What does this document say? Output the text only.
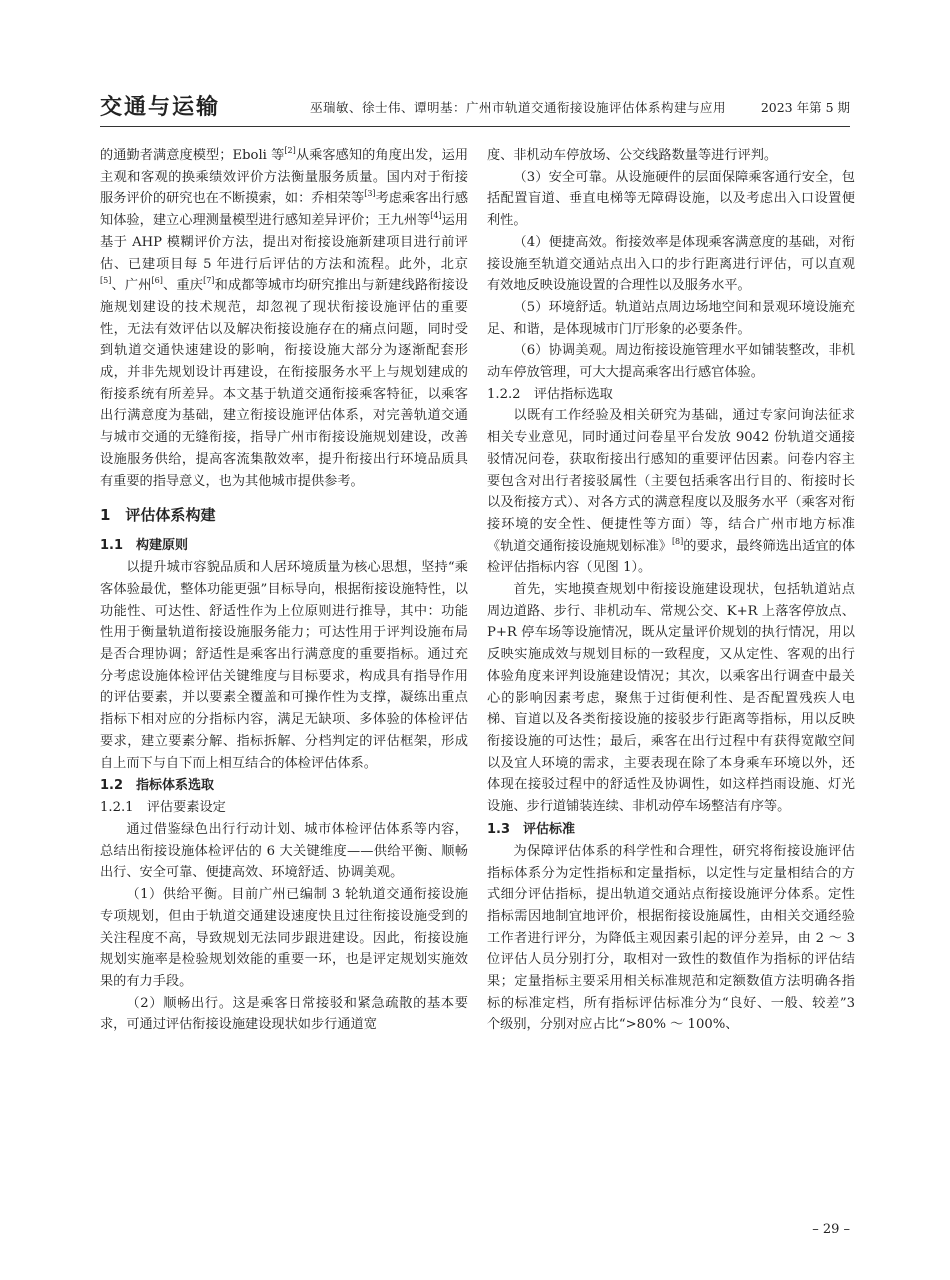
交通与运输	巫瑞敏、徐士伟、谭明基：广州市轨道交通衔接设施评估体系构建与应用	2023 年第 5 期

的通勤者满意度模型；Eboli 等[2]从乘客感知的角度出发，运用主观和客观的换乘绩效评价方法衡量服务质量。国内对于衔接服务评价的研究也在不断摸索，如：乔相荣等[3]考虑乘客出行感知体验，建立心理测量模型进行感知差异评价；王九州等[4]运用基于 AHP 模糊评价方法，提出对衔接设施新建项目进行前评估、已建项目每 5 年进行后评估的方法和流程。此外，北京[5]、广州[6]、重庆[7]和成都等城市均研究推出与新建线路衔接设施规划建设的技术规范，却忽视了现状衔接设施评估的重要性，无法有效评估以及解决衔接设施存在的痛点问题，同时受到轨道交通快速建设的影响，衔接设施大部分为逐渐配套形成，并非先规划设计再建设，在衔接服务水平上与规划建成的衔接系统有所差异。本文基于轨道交通衔接乘客特征，以乘客出行满意度为基础，建立衔接设施评估体系，对完善轨道交通与城市交通的无缝衔接，指导广州市衔接设施规划建设，改善设施服务供给，提高客流集散效率，提升衔接出行环境品质具有重要的指导意义，也为其他城市提供参考。

1　评估体系构建
1.1　构建原则

以提升城市容貌品质和人居环境质量为核心思想，坚持“乘客体验最优，整体功能更强”目标导向，根据衔接设施特性，以功能性、可达性、舒适性作为上位原则进行推导，其中：功能性用于衡量轨道衔接设施服务能力；可达性用于评判设施布局是否合理协调；舒适性是乘客出行满意度的重要指标。通过充分考虑设施体检评估关键维度与目标要求，构成具有指导作用的评估要素，并以要素全覆盖和可操作性为支撑，凝练出重点指标下相对应的分指标内容，满足无缺项、多体验的体检评估要求，建立要素分解、指标拆解、分档判定的评估框架，形成自上而下与自下而上相互结合的体检评估体系。

1.2　指标体系选取
1.2.1　评估要素设定

通过借鉴绿色出行行动计划、城市体检评估体系等内容，总结出衔接设施体检评估的 6 大关键维度——供给平衡、顺畅出行、安全可靠、便捷高效、环境舒适、协调美观。

（1）供给平衡。目前广州已编制 3 轮轨道交通衔接设施专项规划，但由于轨道交通建设速度快且过往衔接设施受到的关注程度不高，导致规划无法同步跟进建设。因此，衔接设施规划实施率是检验规划效能的重要一环，也是评定规划实施效果的有力手段。

（2）顺畅出行。这是乘客日常接驳和紧急疏散的基本要求，可通过评估衔接设施建设现状如步行通道宽

度、非机动车停放场、公交线路数量等进行评判。

（3）安全可靠。从设施硬件的层面保障乘客通行安全，包括配置盲道、垂直电梯等无障碍设施，以及考虑出入口设置便利性。

（4）便捷高效。衔接效率是体现乘客满意度的基础，对衔接设施至轨道交通站点出入口的步行距离进行评估，可以直观有效地反映设施设置的合理性以及服务水平。

（5）环境舒适。轨道站点周边场地空间和景观环境设施充足、和谐，是体现城市门厅形象的必要条件。

（6）协调美观。周边衔接设施管理水平如铺装整改，非机动车停放管理，可大大提高乘客出行感官体验。

1.2.2　评估指标选取

以既有工作经验及相关研究为基础，通过专家问询法征求相关专业意见，同时通过问卷星平台发放 9042 份轨道交通接驳情况问卷，获取衔接出行感知的重要评估因素。问卷内容主要包含对出行者接驳属性（主要包括乘客出行目的、衔接时长以及衔接方式）、对各方式的满意程度以及服务水平（乘客对衔接环境的安全性、便捷性等方面）等，结合广州市地方标准《轨道交通衔接设施规划标准》[8]的要求，最终筛选出适宜的体检评估指标内容（见图 1）。

首先，实地摸查规划中衔接设施建设现状，包括轨道站点周边道路、步行、非机动车、常规公交、K+R 上落客停放点、P+R 停车场等设施情况，既从定量评价规划的执行情况，用以反映实施成效与规划目标的一致程度，又从定性、客观的出行体验角度来评判设施建设情况；其次，以乘客出行调查中最关心的影响因素考虑，聚焦于过街便利性、是否配置残疾人电梯、盲道以及各类衔接设施的接驳步行距离等指标，用以反映衔接设施的可达性；最后，乘客在出行过程中有获得宽敞空间以及宜人环境的需求，主要表现在除了本身乘车环境以外，还体现在接驳过程中的舒适性及协调性，如这样挡雨设施、灯光设施、步行道铺装连续、非机动停车场整洁有序等。

1.3　评估标准

为保障评估体系的科学性和合理性，研究将衔接设施评估指标体系分为定性指标和定量指标，以定性与定量相结合的方式细分评估指标，提出轨道交通站点衔接设施评分体系。定性指标需因地制宜地评价，根据衔接设施属性，由相关交通经验工作者进行评分，为降低主观因素引起的评分差异，由 2 ～ 3 位评估人员分别打分，取相对一致性的数值作为指标的评估结果；定量指标主要采用相关标准规范和定额数值方法明确各指标的标准定档，所有指标评估标准分为“良好、一般、较差”3 个级别，分别对应占比“>80% ～ 100%、

– 29 –
